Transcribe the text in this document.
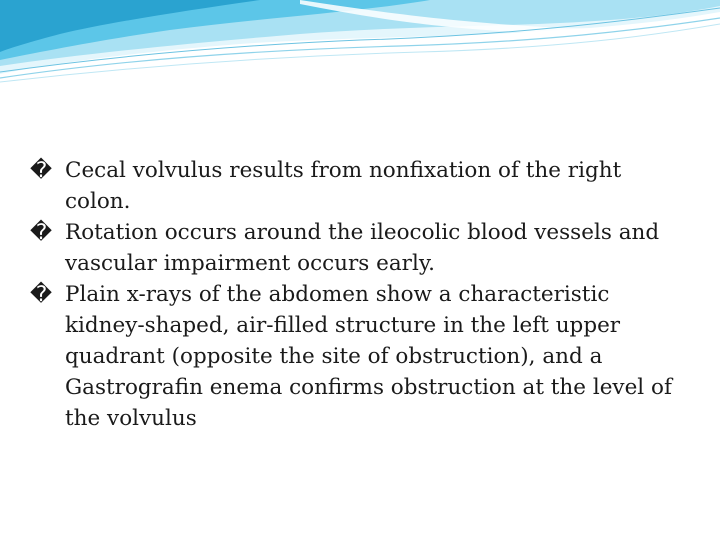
� Cecal volvulus results from nonfixation of the right colon.
� Rotation occurs around the ileocolic blood vessels and vascular impairment occurs early.
� Plain x-rays of the abdomen show a characteristic kidney-shaped, air-filled structure in the left upper quadrant (opposite the site of obstruction), and a Gastrografin enema confirms obstruction at the level of the volvulus
